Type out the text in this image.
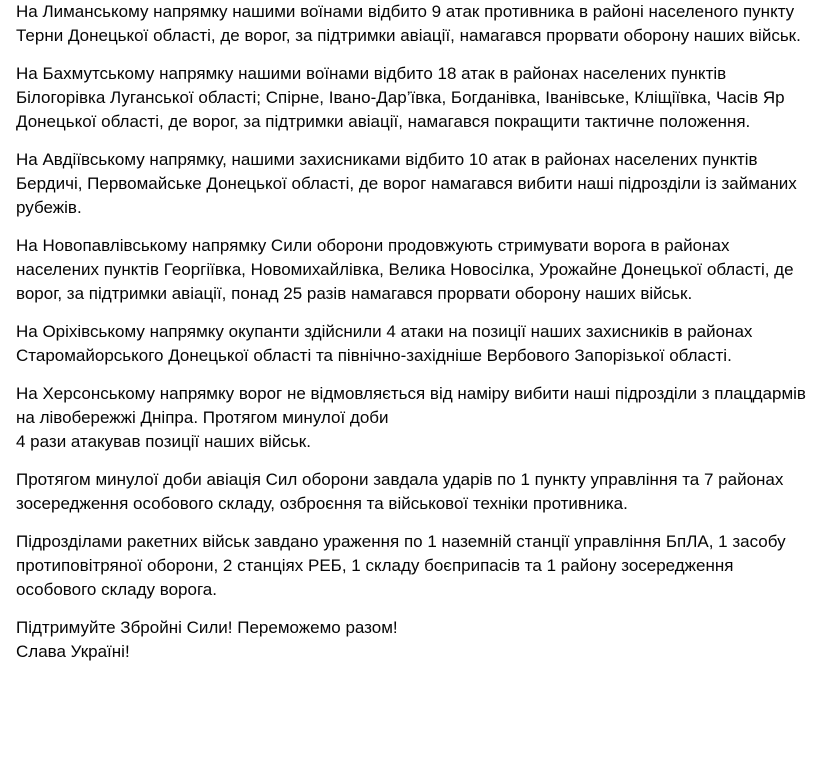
На Лиманському напрямку нашими воїнами відбито 9 атак противника в районі населеного пункту Терни Донецької області, де ворог, за підтримки авіації, намагався прорвати оборону наших військ.

На Бахмутському напрямку нашими воїнами відбито 18 атак в районах населених пунктів Білогорівка Луганської області; Спірне, Івано-Дар’ївка, Богданівка, Іванівське, Кліщіївка, Часів Яр Донецької області, де ворог, за підтримки авіації, намагався покращити тактичне положення.

На Авдіївському напрямку, нашими захисниками відбито 10 атак в районах населених пунктів Бердичі, Первомайське Донецької області, де ворог намагався вибити наші підрозділи із займаних рубежів.

На Новопавлівському напрямку Сили оборони продовжують стримувати ворога в районах населених пунктів Георгіївка, Новомихайлівка, Велика Новосілка, Урожайне Донецької області, де ворог, за підтримки авіації, понад 25 разів намагався прорвати оборону наших військ.

На Оріхівському напрямку окупанти здійснили 4 атаки на позиції наших захисників в районах Старомайорського Донецької області та північно-західніше Вербового Запорізької області.

На Херсонському напрямку ворог не відмовляється від наміру вибити наші підрозділи з плацдармів на лівобережжі Дніпра. Протягом минулої доби
4 рази атакував позиції наших військ.

Протягом минулої доби авіація Сил оборони завдала ударів по 1 пункту управління та 7 районах зосередження особового складу, озброєння та військової техніки противника.

Підрозділами ракетних військ завдано ураження по 1 наземній станції управління БпЛА, 1 засобу протиповітряної оборони, 2 станціях РЕБ, 1 складу боєприпасів та 1 району зосередження особового складу ворога.

Підтримуйте Збройні Сили! Переможемо разом!
Слава Україні!
